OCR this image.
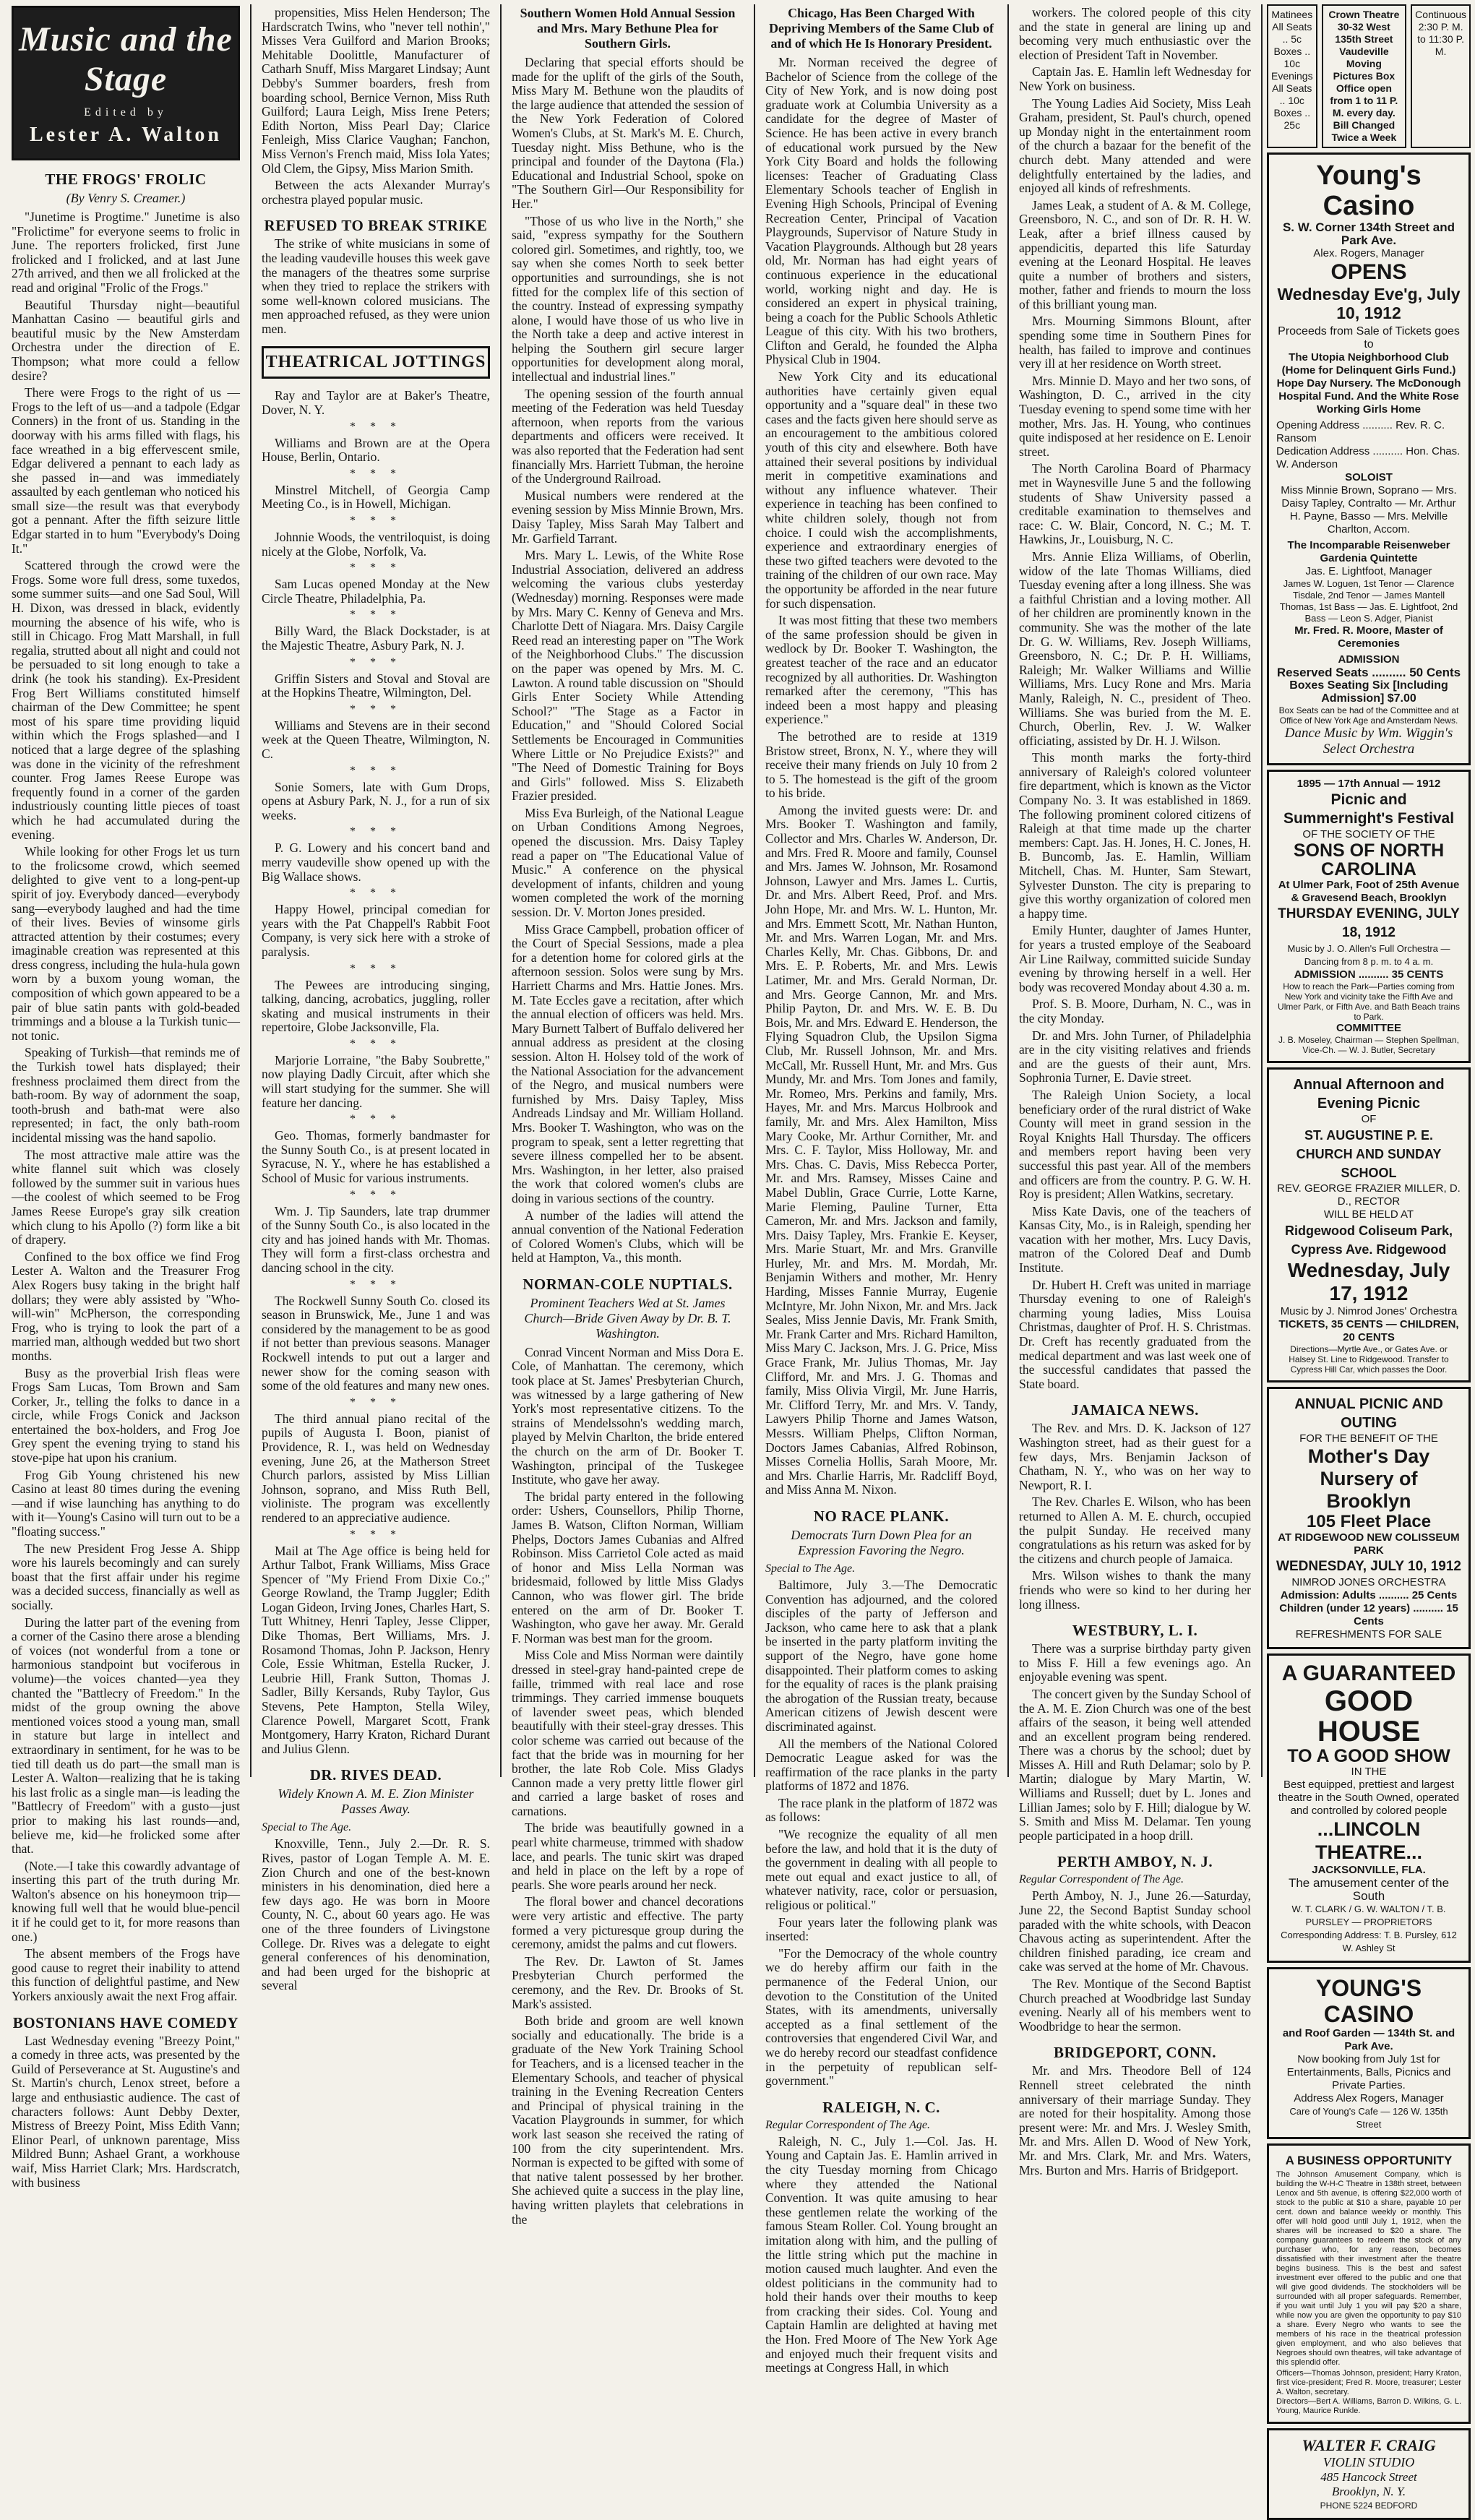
Music and the Stage
Edited by
Lester A. Walton
THE FROGS' FROLIC
(By Venry S. Creamer.)

"Junetime is Progtime." Junetime is also "Frolictime" for everyone seems to frolic in June. The reporters frolicked, first June frolicked and I frolicked, and at last June 27th arrived, and then we all frolicked at the read and original "Frolic of the Frogs."

Beautiful Thursday night—beautiful Manhattan Casino — beautiful girls and beautiful music by the New Amsterdam Orchestra under the direction of E. Thompson; what more could a fellow desire?

There were Frogs to the right of us —Frogs to the left of us—and a tadpole (Edgar Conners) in the front of us. Standing in the doorway with his arms filled with flags, his face wreathed in a big effervescent smile, Edgar delivered a pennant to each lady as she passed in—and was immediately assaulted by each gentleman who noticed his small size—the result was that everybody got a pennant. After the fifth seizure little Edgar started in to hum "Everybody's Doing It."

Scattered through the crowd were the Frogs. Some wore full dress, some tuxedos, some summer suits—and one Sad Soul, Will H. Dixon, was dressed in black, evidently mourning the absence of his wife, who is still in Chicago. Frog Matt Marshall, in full regalia, strutted about all night and could not be persuaded to sit long enough to take a drink (he took his standing). Ex-President Frog Bert Williams constituted himself chairman of the Dew Committee; he spent most of his spare time providing liquid within which the Frogs splashed—and I noticed that a large degree of the splashing was done in the vicinity of the refreshment counter. Frog James Reese Europe was frequently found in a corner of the garden industriously counting little pieces of toast which he had accumulated during the evening.

While looking for other Frogs let us turn to the frolicsome crowd, which seemed delighted to give vent to a long-pent-up spirit of joy. Everybody danced—everybody sang—everybody laughed and had the time of their lives. Bevies of winsome girls attracted attention by their costumes; every imaginable creation was represented at this dress congress, including the hula-hula gown worn by a buxom young woman, the composition of which gown appeared to be a pair of blue satin pants with gold-beaded trimmings and a blouse a la Turkish tunic—not tonic.

Speaking of Turkish—that reminds me of the Turkish towel hats displayed; their freshness proclaimed them direct from the bath-room. By way of adornment the soap, tooth-brush and bath-mat were also represented; in fact, the only bath-room incidental missing was the hand sapolio.

The most attractive male attire was the white flannel suit which was closely followed by the summer suit in various hues—the coolest of which seemed to be Frog James Reese Europe's gray silk creation which clung to his Apollo (?) form like a bit of drapery.

Confined to the box office we find Frog Lester A. Walton and the Treasurer Frog Alex Rogers busy taking in the bright half dollars; they were ably assisted by "Who-will-win" McPherson, the corresponding Frog, who is trying to look the part of a married man, although wedded but two short months.

Busy as the proverbial Irish fleas were Frogs Sam Lucas, Tom Brown and Sam Corker, Jr., telling the folks to dance in a circle, while Frogs Conick and Jackson entertained the box-holders, and Frog Joe Grey spent the evening trying to stand his stove-pipe hat upon his cranium.

Frog Gib Young christened his new Casino at least 80 times during the evening—and if wise launching has anything to do with it—Young's Casino will turn out to be a "floating success."

The new President Frog Jesse A. Shipp wore his laurels becomingly and can surely boast that the first affair under his regime was a decided success, financially as well as socially.

During the latter part of the evening from a corner of the Casino there arose a blending of voices (not wonderful from a tone or harmonious standpoint but vociferous in volume)—the voices chanted—yea they chanted the "Battlecry of Freedom." In the midst of the group owning the above mentioned voices stood a young man, small in stature but large in intellect and extraordinary in sentiment, for he was to be tied till death us do part—the small man is Lester A. Walton—realizing that he is taking his last frolic as a single man—is leading the "Battlecry of Freedom" with a gusto—just prior to making his last rounds—and, believe me, kid—he frolicked some after that.

(Note.—I take this cowardly advantage of inserting this part of the truth during Mr. Walton's absence on his honeymoon trip—knowing full well that he would blue-pencil it if he could get to it, for more reasons than one.)

The absent members of the Frogs have good cause to regret their inability to attend this function of delightful pastime, and New Yorkers anxiously await the next Frog affair.

BOSTONIANS HAVE COMEDY

Last Wednesday evening "Breezy Point," a comedy in three acts, was presented by the Guild of Perseverance at St. Augustine's and St. Martin's church, Lenox street, before a large and enthusiastic audience. The cast of characters follows: Aunt Debby Dexter, Mistress of Breezy Point, Miss Edith Vann; Elinor Pearl, of unknown parentage, Miss Mildred Bunn; Ashael Grant, a workhouse waif, Miss Harriet Clark; Mrs. Hardscratch, with business

propensities, Miss Helen Henderson; The Hardscratch Twins, who "never tell nothin'," Misses Vera Guilford and Marion Brooks; Mehitable Doolittle, Manufacturer of Catharh Snuff, Miss Margaret Lindsay; Aunt Debby's Summer boarders, fresh from boarding school, Bernice Vernon, Miss Ruth Guilford; Laura Leigh, Miss Irene Peters; Edith Norton, Miss Pearl Day; Clarice Fenleigh, Miss Clarice Vaughan; Fanchon, Miss Vernon's French maid, Miss Iola Yates; Old Clem, the Gipsy, Miss Marion Smith.

Between the acts Alexander Murray's orchestra played popular music.

REFUSED TO BREAK STRIKE

The strike of white musicians in some of the leading vaudeville houses this week gave the managers of the theatres some surprise when they tried to replace the strikers with some well-known colored musicians. The men approached refused, as they were union men.

THEATRICAL JOTTINGS

Ray and Taylor are at Baker's Theatre, Dover, N. Y.

* * *

Williams and Brown are at the Opera House, Berlin, Ontario.

* * *

Minstrel Mitchell, of Georgia Camp Meeting Co., is in Howell, Michigan.

* * *

Johnnie Woods, the ventriloquist, is doing nicely at the Globe, Norfolk, Va.

* * *

Sam Lucas opened Monday at the New Circle Theatre, Philadelphia, Pa.

* * *

Billy Ward, the Black Dockstader, is at the Majestic Theatre, Asbury Park, N. J.

* * *

Griffin Sisters and Stoval and Stoval are at the Hopkins Theatre, Wilmington, Del.

* * *

Williams and Stevens are in their second week at the Queen Theatre, Wilmington, N. C.

* * *

Sonie Somers, late with Gum Drops, opens at Asbury Park, N. J., for a run of six weeks.

* * *

P. G. Lowery and his concert band and merry vaudeville show opened up with the Big Wallace shows.

* * *

Happy Howel, principal comedian for years with the Pat Chappell's Rabbit Foot Company, is very sick here with a stroke of paralysis.

* * *

The Pewees are introducing singing, talking, dancing, acrobatics, juggling, roller skating and musical instruments in their repertoire, Globe Jacksonville, Fla.

* * *

Marjorie Lorraine, "the Baby Soubrette," now playing Dadly Circuit, after which she will start studying for the summer. She will feature her dancing.

* * *

Geo. Thomas, formerly bandmaster for the Sunny South Co., is at present located in Syracuse, N. Y., where he has established a School of Music for various instruments.

* * *

Wm. J. Tip Saunders, late trap drummer of the Sunny South Co., is also located in the city and has joined hands with Mr. Thomas. They will form a first-class orchestra and dancing school in the city.

* * *

The Rockwell Sunny South Co. closed its season in Brunswick, Me., June 1 and was considered by the management to be as good if not better than previous seasons. Manager Rockwell intends to put out a larger and newer show for the coming season with some of the old features and many new ones.

* * *

The third annual piano recital of the pupils of Augusta I. Boon, pianist of Providence, R. I., was held on Wednesday evening, June 26, at the Matherson Street Church parlors, assisted by Miss Lillian Johnson, soprano, and Miss Ruth Bell, violiniste. The program was excellently rendered to an appreciative audience.

* * *

Mail at The Age office is being held for Arthur Talbot, Frank Williams, Miss Grace Spencer of "My Friend From Dixie Co.;" George Rowland, the Tramp Juggler; Edith Logan Gideon, Irving Jones, Charles Hart, S. Tutt Whitney, Henri Tapley, Jesse Clipper, Dike Thomas, Bert Williams, Mrs. J. Rosamond Thomas, John P. Jackson, Henry Cole, Essie Whitman, Estella Rucker, J. Leubrie Hill, Frank Sutton, Thomas J. Sadler, Billy Kersands, Ruby Taylor, Gus Stevens, Pete Hampton, Stella Wiley, Clarence Powell, Margaret Scott, Frank Montgomery, Harry Kraton, Richard Durant and Julius Glenn.

DR. RIVES DEAD.
Widely Known A. M. E. Zion Minister Passes Away.
Special to The Age.

Knoxville, Tenn., July 2.—Dr. R. S. Rives, pastor of Logan Temple A. M. E. Zion Church and one of the best-known ministers in his denomination, died here a few days ago. He was born in Moore County, N. C., about 60 years ago. He was one of the three founders of Livingstone College. Dr. Rives was a delegate to eight general conferences of his denomination, and had been urged for the bishopric at several

Southern Women Hold Annual Session and Mrs. Mary Bethune Plea for Southern Girls.

Declaring that special efforts should be made for the uplift of the girls of the South, Miss Mary M. Bethune won the plaudits of the large audience that attended the session of the New York Federation of Colored Women's Clubs, at St. Mark's M. E. Church, Tuesday night. Miss Bethune, who is the principal and founder of the Daytona (Fla.) Educational and Industrial School, spoke on "The Southern Girl—Our Responsibility for Her."

"Those of us who live in the North," she said, "express sympathy for the Southern colored girl. Sometimes, and rightly, too, we say when she comes North to seek better opportunities and surroundings, she is not fitted for the complex life of this section of the country. Instead of expressing sympathy alone, I would have those of us who live in the North take a deep and active interest in helping the Southern girl secure larger opportunities for development along moral, intellectual and industrial lines."

The opening session of the fourth annual meeting of the Federation was held Tuesday afternoon, when reports from the various departments and officers were received. It was also reported that the Federation had sent financially Mrs. Harriett Tubman, the heroine of the Underground Railroad.

Musical numbers were rendered at the evening session by Miss Minnie Brown, Mrs. Daisy Tapley, Miss Sarah May Talbert and Mr. Garfield Tarrant.

Mrs. Mary L. Lewis, of the White Rose Industrial Association, delivered an address welcoming the various clubs yesterday (Wednesday) morning. Responses were made by Mrs. Mary C. Kenny of Geneva and Mrs. Charlotte Dett of Niagara. Mrs. Daisy Cargile Reed read an interesting paper on "The Work of the Neighborhood Clubs." The discussion on the paper was opened by Mrs. M. C. Lawton. A round table discussion on "Should Girls Enter Society While Attending School?" "The Stage as a Factor in Education," and "Should Colored Social Settlements be Encouraged in Communities Where Little or No Prejudice Exists?" and "The Need of Domestic Training for Boys and Girls" followed. Miss S. Elizabeth Frazier presided.

Miss Eva Burleigh, of the National League on Urban Conditions Among Negroes, opened the discussion. Mrs. Daisy Tapley read a paper on "The Educational Value of Music." A conference on the physical development of infants, children and young women completed the work of the morning session. Dr. V. Morton Jones presided.

Miss Grace Campbell, probation officer of the Court of Special Sessions, made a plea for a detention home for colored girls at the afternoon session. Solos were sung by Mrs. Harriett Charms and Mrs. Hattie Jones. Mrs. M. Tate Eccles gave a recitation, after which the annual election of officers was held. Mrs. Mary Burnett Talbert of Buffalo delivered her annual address as president at the closing session. Alton H. Holsey told of the work of the National Association for the advancement of the Negro, and musical numbers were furnished by Mrs. Daisy Tapley, Miss Andreads Lindsay and Mr. William Holland. Mrs. Booker T. Washington, who was on the program to speak, sent a letter regretting that severe illness compelled her to be absent. Mrs. Washington, in her letter, also praised the work that colored women's clubs are doing in various sections of the country.

A number of the ladies will attend the annual convention of the National Federation of Colored Women's Clubs, which will be held at Hampton, Va., this month.

NORMAN-COLE NUPTIALS.
Prominent Teachers Wed at St. James Church—Bride Given Away by Dr. B. T. Washington.

Conrad Vincent Norman and Miss Dora E. Cole, of Manhattan. The ceremony, which took place at St. James' Presbyterian Church, was witnessed by a large gathering of New York's most representative citizens. To the strains of Mendelssohn's wedding march, played by Melvin Charlton, the bride entered the church on the arm of Dr. Booker T. Washington, principal of the Tuskegee Institute, who gave her away.

The bridal party entered in the following order: Ushers, Counsellors, Philip Thorne, James B. Watson, Clifton Norman, William Phelps, Doctors James Cubanias and Alfred Robinson. Miss Carrietol Cole acted as maid of honor and Miss Lella Norman was bridesmaid, followed by little Miss Gladys Cannon, who was flower girl. The bride entered on the arm of Dr. Booker T. Washington, who gave her away. Mr. Gerald F. Norman was best man for the groom.

Miss Cole and Miss Norman were daintily dressed in steel-gray hand-painted crepe de faille, trimmed with real lace and rose trimmings. They carried immense bouquets of lavender sweet peas, which blended beautifully with their steel-gray dresses. This color scheme was carried out because of the fact that the bride was in mourning for her brother, the late Rob Cole. Miss Gladys Cannon made a very pretty little flower girl and carried a large basket of roses and carnations.

The bride was beautifully gowned in a pearl white charmeuse, trimmed with shadow lace, and pearls. The tunic skirt was draped and held in place on the left by a rope of pearls. She wore pearls around her neck.

The floral bower and chancel decorations were very artistic and effective. The party formed a very picturesque group during the ceremony, amidst the palms and cut flowers.

The Rev. Dr. Lawton of St. James Presbyterian Church performed the ceremony, and the Rev. Dr. Brooks of St. Mark's assisted.

Both bride and groom are well known socially and educationally. The bride is a graduate of the New York Training School for Teachers, and is a licensed teacher in the Elementary Schools, and teacher of physical training in the Evening Recreation Centers and Principal of physical training in the Vacation Playgrounds in summer, for which work last season she received the rating of 100 from the city superintendent. Mrs. Norman is expected to be gifted with some of that native talent possessed by her brother. She achieved quite a success in the play line, having written playlets that celebrations in the

Chicago, Has Been Charged With Depriving Members of the Same Club of and of which He Is Honorary President.

Mr. Norman received the degree of Bachelor of Science from the college of the City of New York, and is now doing post graduate work at Columbia University as a candidate for the degree of Master of Science. He has been active in every branch of educational work pursued by the New York City Board and holds the following licenses: Teacher of Graduating Class Elementary Schools teacher of English in Evening High Schools, Principal of Evening Recreation Center, Principal of Vacation Playgrounds, Supervisor of Nature Study in Vacation Playgrounds. Although but 28 years old, Mr. Norman has had eight years of continuous experience in the educational world, working night and day. He is considered an expert in physical training, being a coach for the Public Schools Athletic League of this city. With his two brothers, Clifton and Gerald, he founded the Alpha Physical Club in 1904.

New York City and its educational authorities have certainly given equal opportunity and a "square deal" in these two cases and the facts given here should serve as an encouragement to the ambitious colored youth of this city and elsewhere. Both have attained their several positions by individual merit in competitive examinations and without any influence whatever. Their experience in teaching has been confined to white children solely, though not from choice. I could wish the accomplishments, experience and extraordinary energies of these two gifted teachers were devoted to the training of the children of our own race. May the opportunity be afforded in the near future for such dispensation.

It was most fitting that these two members of the same profession should be given in wedlock by Dr. Booker T. Washington, the greatest teacher of the race and an educator recognized by all authorities. Dr. Washington remarked after the ceremony, "This has indeed been a most happy and pleasing experience."

The betrothed are to reside at 1319 Bristow street, Bronx, N. Y., where they will receive their many friends on July 10 from 2 to 5. The homestead is the gift of the groom to his bride.

Among the invited guests were: Dr. and Mrs. Booker T. Washington and family, Collector and Mrs. Charles W. Anderson, Dr. and Mrs. Fred R. Moore and family, Counsel and Mrs. James W. Johnson, Mr. Rosamond Johnson, Lawyer and Mrs. James L. Curtis, Dr. and Mrs. Albert Reed, Prof. and Mrs. John Hope, Mr. and Mrs. W. L. Hunton, Mr. and Mrs. Emmett Scott, Mr. Nathan Hunton, Mr. and Mrs. Warren Logan, Mr. and Mrs. Charles Kelly, Mr. Chas. Gibbons, Dr. and Mrs. E. P. Roberts, Mr. and Mrs. Lewis Latimer, Mr. and Mrs. Gerald Norman, Dr. and Mrs. George Cannon, Mr. and Mrs. Philip Payton, Dr. and Mrs. W. E. B. Du Bois, Mr. and Mrs. Edward E. Henderson, the Flying Squadron Club, the Upsilon Sigma Club, Mr. Russell Johnson, Mr. and Mrs. McCall, Mr. Russell Hunt, Mr. and Mrs. Gus Mundy, Mr. and Mrs. Tom Jones and family, Mr. Romeo, Mrs. Perkins and family, Mrs. Hayes, Mr. and Mrs. Marcus Holbrook and family, Mr. and Mrs. Alex Hamilton, Miss Mary Cooke, Mr. Arthur Cornither, Mr. and Mrs. C. F. Taylor, Miss Holloway, Mr. and Mrs. Chas. C. Davis, Miss Rebecca Porter, Mr. and Mrs. Ramsey, Misses Caine and Mabel Dublin, Grace Currie, Lotte Karne, Marie Fleming, Pauline Turner, Etta Cameron, Mr. and Mrs. Jackson and family, Mrs. Daisy Tapley, Mrs. Frankie E. Keyser, Mrs. Marie Stuart, Mr. and Mrs. Granville Hurley, Mr. and Mrs. M. Mordah, Mr. Benjamin Withers and mother, Mr. Henry Harding, Misses Fannie Murray, Eugenie McIntyre, Mr. John Nixon, Mr. and Mrs. Jack Seales, Miss Jennie Davis, Mr. Frank Smith, Mr. Frank Carter and Mrs. Richard Hamilton, Miss Mary C. Jackson, Mrs. J. G. Price, Miss Grace Frank, Mr. Julius Thomas, Mr. Jay Clifford, Mr. and Mrs. J. G. Thomas and family, Miss Olivia Virgil, Mr. June Harris, Mr. Clifford Terry, Mr. and Mrs. V. Tandy, Lawyers Philip Thorne and James Watson, Messrs. William Phelps, Clifton Norman, Doctors James Cabanias, Alfred Robinson, Misses Cornelia Hollis, Sarah Moore, Mr. and Mrs. Charlie Harris, Mr. Radcliff Boyd, and Miss Anna M. Nixon.

NO RACE PLANK.
Democrats Turn Down Plea for an Expression Favoring the Negro.
Special to The Age.

Baltimore, July 3.—The Democratic Convention has adjourned, and the colored disciples of the party of Jefferson and Jackson, who came here to ask that a plank be inserted in the party platform inviting the support of the Negro, have gone home disappointed. Their platform comes to asking for the equality of races is the plank praising the abrogation of the Russian treaty, because American citizens of Jewish descent were discriminated against.

All the members of the National Colored Democratic League asked for was the reaffirmation of the race planks in the party platforms of 1872 and 1876.

The race plank in the platform of 1872 was as follows:

"We recognize the equality of all men before the law, and hold that it is the duty of the government in dealing with all people to mete out equal and exact justice to all, of whatever nativity, race, color or persuasion, religious or political."

Four years later the following plank was inserted:

"For the Democracy of the whole country we do hereby affirm our faith in the permanence of the Federal Union, our devotion to the Constitution of the United States, with its amendments, universally accepted as a final settlement of the controversies that engendered Civil War, and we do hereby record our steadfast confidence in the perpetuity of republican self-government."

RALEIGH, N. C.
Regular Correspondent of The Age.

Raleigh, N. C., July 1.—Col. Jas. H. Young and Captain Jas. E. Hamlin arrived in the city Tuesday morning from Chicago where they attended the National Convention. It was quite amusing to hear these gentlemen relate the working of the famous Steam Roller. Col. Young brought an imitation along with him, and the pulling of the little string which put the machine in motion caused much laughter. And even the oldest politicians in the community had to hold their hands over their mouths to keep from cracking their sides. Col. Young and Captain Hamlin are delighted at having met the Hon. Fred Moore of The New York Age and enjoyed much their frequent visits and meetings at Congress Hall, in which

workers. The colored people of this city and the state in general are lining up and becoming very much enthusiastic over the election of President Taft in November.

Captain Jas. E. Hamlin left Wednesday for New York on business.

The Young Ladies Aid Society, Miss Leah Graham, president, St. Paul's church, opened up Monday night in the entertainment room of the church a bazaar for the benefit of the church debt. Many attended and were delightfully entertained by the ladies, and enjoyed all kinds of refreshments.

James Leak, a student of A. & M. College, Greensboro, N. C., and son of Dr. R. H. W. Leak, after a brief illness caused by appendicitis, departed this life Saturday evening at the Leonard Hospital. He leaves quite a number of brothers and sisters, mother, father and friends to mourn the loss of this brilliant young man.

Mrs. Mourning Simmons Blount, after spending some time in Southern Pines for health, has failed to improve and continues very ill at her residence on Worth street.

Mrs. Minnie D. Mayo and her two sons, of Washington, D. C., arrived in the city Tuesday evening to spend some time with her mother, Mrs. Jas. H. Young, who continues quite indisposed at her residence on E. Lenoir street.

The North Carolina Board of Pharmacy met in Waynesville June 5 and the following students of Shaw University passed a creditable examination to themselves and race: C. W. Blair, Concord, N. C.; M. T. Hawkins, Jr., Louisburg, N. C.

Mrs. Annie Eliza Williams, of Oberlin, widow of the late Thomas Williams, died Tuesday evening after a long illness. She was a faithful Christian and a loving mother. All of her children are prominently known in the community. She was the mother of the late Dr. G. W. Williams, Rev. Joseph Williams, Greensboro, N. C.; Dr. P. H. Williams, Raleigh; Mr. Walker Williams and Willie Williams, Mrs. Lucy Rone and Mrs. Maria Manly, Raleigh, N. C., president of Theo. Williams. She was buried from the M. E. Church, Oberlin, Rev. J. W. Walker officiating, assisted by Dr. H. J. Wilson.

This month marks the forty-third anniversary of Raleigh's colored volunteer fire department, which is known as the Victor Company No. 3. It was established in 1869. The following prominent colored citizens of Raleigh at that time made up the charter members: Capt. Jas. H. Jones, H. C. Jones, H. B. Buncomb, Jas. E. Hamlin, William Mitchell, Chas. M. Hunter, Sam Stewart, Sylvester Dunston. The city is preparing to give this worthy organization of colored men a happy time.

Emily Hunter, daughter of James Hunter, for years a trusted employe of the Seaboard Air Line Railway, committed suicide Sunday evening by throwing herself in a well. Her body was recovered Monday about 4.30 a. m.

Prof. S. B. Moore, Durham, N. C., was in the city Monday.

Dr. and Mrs. John Turner, of Philadelphia are in the city visiting relatives and friends and are the guests of their aunt, Mrs. Sophronia Turner, E. Davie street.

The Raleigh Union Society, a local beneficiary order of the rural district of Wake County will meet in grand session in the Royal Knights Hall Thursday. The officers and members report having been very successful this past year. All of the members and officers are from the country. P. G. W. H. Roy is president; Allen Watkins, secretary.

Miss Kate Davis, one of the teachers of Kansas City, Mo., is in Raleigh, spending her vacation with her mother, Mrs. Lucy Davis, matron of the Colored Deaf and Dumb Institute.

Dr. Hubert H. Creft was united in marriage Thursday evening to one of Raleigh's charming young ladies, Miss Louisa Christmas, daughter of Prof. H. S. Christmas. Dr. Creft has recently graduated from the medical department and was last week one of the successful candidates that passed the State board.

JAMAICA NEWS.

The Rev. and Mrs. D. K. Jackson of 127 Washington street, had as their guest for a few days, Mrs. Benjamin Jackson of Chatham, N. Y., who was on her way to Newport, R. I.

The Rev. Charles E. Wilson, who has been returned to Allen A. M. E. church, occupied the pulpit Sunday. He received many congratulations as his return was asked for by the citizens and church people of Jamaica.

Mrs. Wilson wishes to thank the many friends who were so kind to her during her long illness.

WESTBURY, L. I.

There was a surprise birthday party given to Miss F. Hill a few evenings ago. An enjoyable evening was spent.

The concert given by the Sunday School of the A. M. E. Zion Church was one of the best affairs of the season, it being well attended and an excellent program being rendered. There was a chorus by the school; duet by Misses A. Hill and Ruth Delamar; solo by P. Martin; dialogue by Mary Martin, W. Williams and Russell; duet by L. Jones and Lillian James; solo by F. Hill; dialogue by W. S. Smith and Miss M. Delamar. Ten young people participated in a hoop drill.

PERTH AMBOY, N. J.
Regular Correspondent of The Age.

Perth Amboy, N. J., June 26.—Saturday, June 22, the Second Baptist Sunday school paraded with the white schools, with Deacon Chavous acting as superintendent. After the children finished parading, ice cream and cake was served at the home of Mr. Chavous.

The Rev. Montique of the Second Baptist Church preached at Woodbridge last Sunday evening. Nearly all of his members went to Woodbridge to hear the sermon.

BRIDGEPORT, CONN.

Mr. and Mrs. Theodore Bell of 124 Rennell street celebrated the ninth anniversary of their marriage Sunday. They are noted for their hospitality. Among those present were: Mr. and Mrs. J. Wesley Smith, Mr. and Mrs. Allen D. Wood of New York, Mr. and Mrs. Clark, Mr. and Mrs. Waters, Mrs. Burton and Mrs. Harris of Bridgeport.

Matinees All Seats .. 5c Boxes .. 10c Evenings All Seats .. 10c Boxes .. 25c
Crown Theatre 30-32 West 135th Street Vaudeville Moving Pictures Box Office open from 1 to 11 P. M. every day. Bill Changed Twice a Week
Continuous 2:30 P. M. to 11:30 P. M.
Young's Casino
S. W. Corner 134th Street and Park Ave.
Alex. Rogers, Manager
OPENS
Wednesday Eve'g, July 10, 1912
Proceeds from Sale of Tickets goes to
The Utopia Neighborhood Club (Home for Delinquent Girls Fund.) Hope Day Nursery. The McDonough Hospital Fund. And the White Rose Working Girls Home
Opening Address .......... Rev. R. C. Ransom
Dedication Address .......... Hon. Chas. W. Anderson
SOLOIST
Miss Minnie Brown, Soprano — Mrs. Daisy Tapley, Contralto — Mr. Arthur H. Payne, Basso — Mrs. Melville Charlton, Accom.
The Incomparable Reisenweber Gardenia Quintette
Jas. E. Lightfoot, Manager
James W. Loguen, 1st Tenor — Clarence Tisdale, 2nd Tenor — James Mantell Thomas, 1st Bass — Jas. E. Lightfoot, 2nd Bass — Leon S. Adger, Pianist
Mr. Fred. R. Moore, Master of Ceremonies
ADMISSION
Reserved Seats .......... 50 Cents
Boxes Seating Six [Including Admission] $7.00
Box Seats can be had of the Committee and at Office of New York Age and Amsterdam News.
Dance Music by Wm. Wiggin's Select Orchestra
1895 — 17th Annual — 1912
Picnic and Summernight's Festival
OF THE SOCIETY OF THE
SONS OF NORTH CAROLINA
At Ulmer Park, Foot of 25th Avenue & Gravesend Beach, Brooklyn
THURSDAY EVENING, JULY 18, 1912
Music by J. O. Allen's Full Orchestra — Dancing from 8 p. m. to 4 a. m.
ADMISSION .......... 35 CENTS
How to reach the Park—Parties coming from New York and vicinity take the Fifth Ave and Ulmer Park, or Fifth Ave. and Bath Beach trains to Park.
COMMITTEE
J. B. Moseley, Chairman — Stephen Spellman, Vice-Ch. — W. J. Butler, Secretary
Annual Afternoon and Evening Picnic
OF
ST. AUGUSTINE P. E. CHURCH AND SUNDAY SCHOOL
REV. GEORGE FRAZIER MILLER, D. D., RECTOR
WILL BE HELD AT
Ridgewood Coliseum Park, Cypress Ave. Ridgewood
Wednesday, July 17, 1912
Music by J. Nimrod Jones' Orchestra
TICKETS, 35 CENTS — CHILDREN, 20 CENTS
Directions—Myrtle Ave., or Gates Ave. or Halsey St. Line to Ridgewood. Transfer to Cypress Hill Car, which passes the Door.
ANNUAL PICNIC AND OUTING
FOR THE BENEFIT OF THE
Mother's Day Nursery of Brooklyn
105 Fleet Place
AT RIDGEWOOD NEW COLISSEUM PARK
WEDNESDAY, JULY 10, 1912
NIMROD JONES ORCHESTRA
Admission: Adults .......... 25 Cents
Children (under 12 years) .......... 15 Cents
REFRESHMENTS FOR SALE
A GUARANTEED
GOOD HOUSE
TO A GOOD SHOW
IN THE
Best equipped, prettiest and largest theatre in the South Owned, operated and controlled by colored people
...LINCOLN THEATRE...
JACKSONVILLE, FLA.
The amusement center of the South
W. T. CLARK / G. W. WALTON / T. B. PURSLEY — PROPRIETORS
Corresponding Address: T. B. Pursley, 612 W. Ashley St
YOUNG'S CASINO
and Roof Garden — 134th St. and Park Ave.
Now booking from July 1st for Entertainments, Balls, Picnics and Private Parties.
Address Alex Rogers, Manager
Care of Young's Cafe — 126 W. 135th Street
A BUSINESS OPPORTUNITY
The Johnson Amusement Company, which is building the W-H-C Theatre in 138th street, between Lenox and 5th avenue, is offering $22,000 worth of stock to the public at $10 a share, payable 10 per cent. down and balance weekly or monthly. This offer will hold good until July 1, 1912, when the shares will be increased to $20 a share. The company guarantees to redeem the stock of any purchaser who, for any reason, becomes dissatisfied with their investment after the theatre begins business. This is the best and safest investment ever offered to the public and one that will give good dividends. The stockholders will be surrounded with all proper safeguards. Remember, if you wait until July 1 you will pay $20 a share, while now you are given the opportunity to pay $10 a share. Every Negro who wants to see the members of his race in the theatrical profession given employment, and who also believes that Negroes should own theatres, will take advantage of this splendid offer.
Officers—Thomas Johnson, president; Harry Kraton, first vice-president; Fred R. Moore, treasurer; Lester A. Walton, secretary.
Directors—Bert A. Williams, Barron D. Wilkins, G. L. Young, Maurice Runkle.
WALTER F. CRAIG
VIOLIN STUDIO
485 Hancock Street
Brooklyn, N. Y.
PHONE 5224 BEDFORD
